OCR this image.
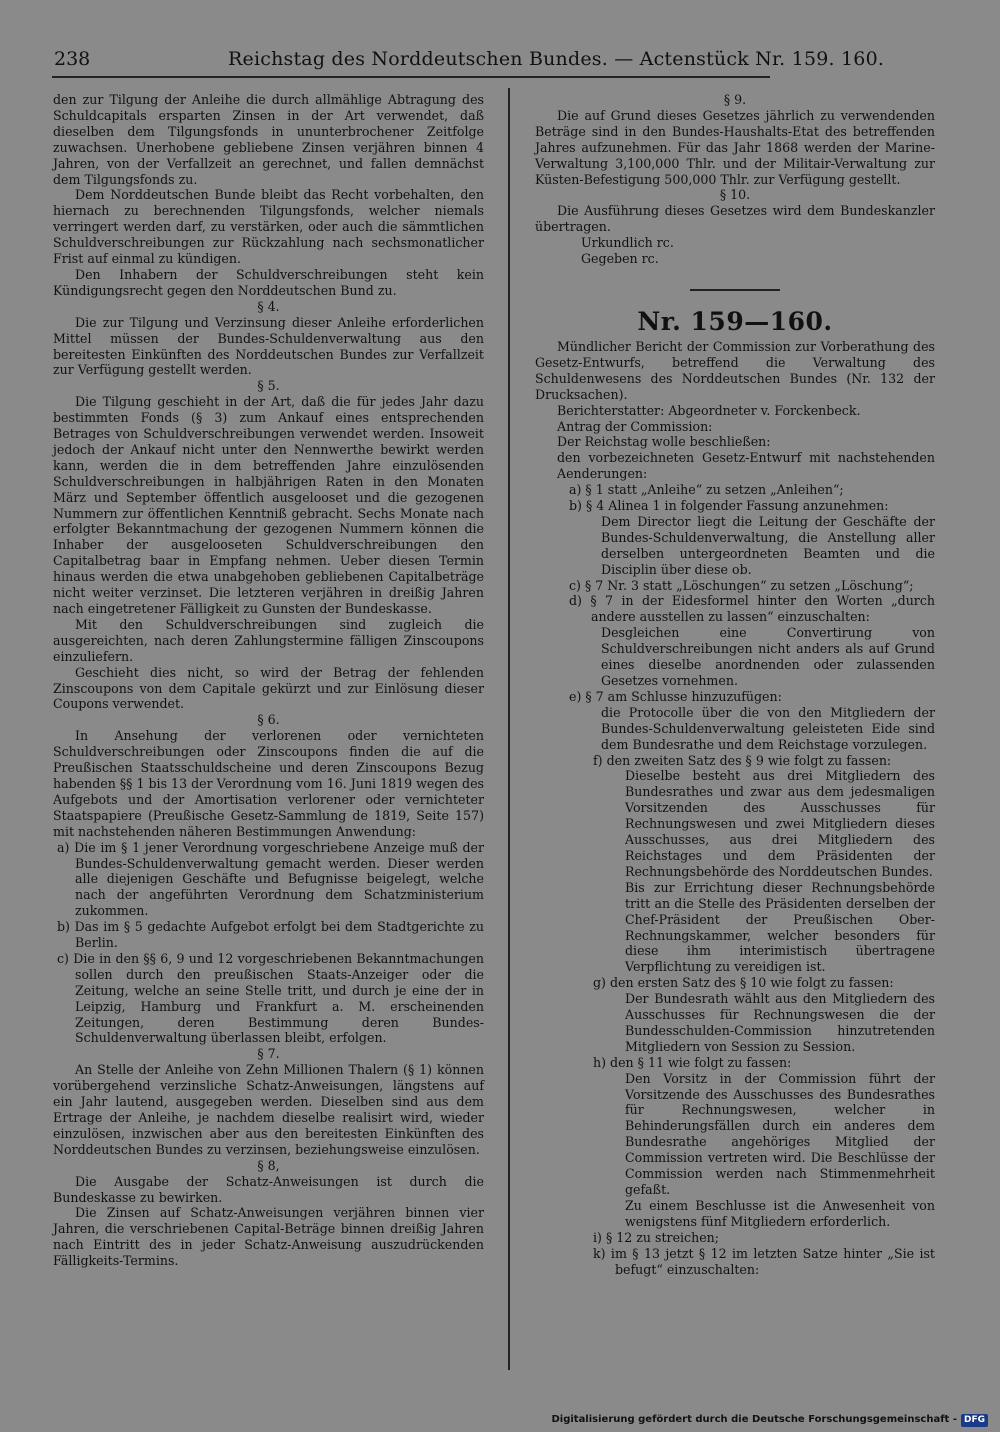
238	Reichstag des Norddeutschen Bundes. — Actenstück Nr. 159. 160.

den zur Tilgung der Anleihe die durch allmählige Abtragung des Schuldcapitals ersparten Zinsen in der Art verwendet, daß dieselben dem Tilgungsfonds in ununterbrochener Zeitfolge zuwachsen. Unerhobene gebliebene Zinsen verjähren binnen 4 Jahren, von der Verfallzeit an gerechnet, und fallen demnächst dem Tilgungsfonds zu.

Dem Norddeutschen Bunde bleibt das Recht vorbehalten, den hiernach zu berechnenden Tilgungsfonds, welcher niemals verringert werden darf, zu verstärken, oder auch die sämmtlichen Schuldverschreibungen zur Rückzahlung nach sechsmonatlicher Frist auf einmal zu kündigen.

Den Inhabern der Schuldverschreibungen steht kein Kündigungsrecht gegen den Norddeutschen Bund zu.

§ 4.

Die zur Tilgung und Verzinsung dieser Anleihe erforderlichen Mittel müssen der Bundes-Schuldenverwaltung aus den bereitesten Einkünften des Norddeutschen Bundes zur Verfallzeit zur Verfügung gestellt werden.

§ 5.

Die Tilgung geschieht in der Art, daß die für jedes Jahr dazu bestimmten Fonds (§ 3) zum Ankauf eines entsprechenden Betrages von Schuldverschreibungen verwendet werden. Insoweit jedoch der Ankauf nicht unter den Nennwerthe bewirkt werden kann, werden die in dem betreffenden Jahre einzulösenden Schuldverschreibungen in halbjährigen Raten in den Monaten März und September öffentlich ausgelooset und die gezogenen Nummern zur öffentlichen Kenntniß gebracht. Sechs Monate nach erfolgter Bekanntmachung der gezogenen Nummern können die Inhaber der ausgelooseten Schuldverschreibungen den Capitalbetrag baar in Empfang nehmen. Ueber diesen Termin hinaus werden die etwa unabgehoben gebliebenen Capitalbeträge nicht weiter verzinset. Die letzteren verjähren in dreißig Jahren nach eingetretener Fälligkeit zu Gunsten der Bundeskasse.

Mit den Schuldverschreibungen sind zugleich die ausgereichten, nach deren Zahlungstermine fälligen Zinscoupons einzuliefern.

Geschieht dies nicht, so wird der Betrag der fehlenden Zinscoupons von dem Capitale gekürzt und zur Einlösung dieser Coupons verwendet.

§ 6.

In Ansehung der verlorenen oder vernichteten Schuldverschreibungen oder Zinscoupons finden die auf die Preußischen Staatsschuldscheine und deren Zinscoupons Bezug habenden §§ 1 bis 13 der Verordnung vom 16. Juni 1819 wegen des Aufgebots und der Amortisation verlorener oder vernichteter Staatspapiere (Preußische Gesetz-Sammlung de 1819, Seite 157) mit nachstehenden näheren Bestimmungen Anwendung:

a) Die im § 1 jener Verordnung vorgeschriebene Anzeige muß der Bundes-Schuldenverwaltung gemacht werden. Dieser werden alle diejenigen Geschäfte und Befugnisse beigelegt, welche nach der angeführten Verordnung dem Schatzministerium zukommen.

b) Das im § 5 gedachte Aufgebot erfolgt bei dem Stadtgerichte zu Berlin.

c) Die in den §§ 6, 9 und 12 vorgeschriebenen Bekanntmachungen sollen durch den preußischen Staats-Anzeiger oder die Zeitung, welche an seine Stelle tritt, und durch je eine der in Leipzig, Hamburg und Frankfurt a. M. erscheinenden Zeitungen, deren Bestimmung deren Bundes-Schuldenverwaltung überlassen bleibt, erfolgen.

§ 7.

An Stelle der Anleihe von Zehn Millionen Thalern (§ 1) können vorübergehend verzinsliche Schatz-Anweisungen, längstens auf ein Jahr lautend, ausgegeben werden. Dieselben sind aus dem Ertrage der Anleihe, je nachdem dieselbe realisirt wird, wieder einzulösen, inzwischen aber aus den bereitesten Einkünften des Norddeutschen Bundes zu verzinsen, beziehungsweise einzulösen.

§ 8,

Die Ausgabe der Schatz-Anweisungen ist durch die Bundeskasse zu bewirken.

Die Zinsen auf Schatz-Anweisungen verjähren binnen vier Jahren, die verschriebenen Capital-Beträge binnen dreißig Jahren nach Eintritt des in jeder Schatz-Anweisung auszudrückenden Fälligkeits-Termins.

§ 9.

Die auf Grund dieses Gesetzes jährlich zu verwendenden Beträge sind in den Bundes-Haushalts-Etat des betreffenden Jahres aufzunehmen. Für das Jahr 1868 werden der Marine-Verwaltung 3,100,000 Thlr. und der Militair-Verwaltung zur Küsten-Befestigung 500,000 Thlr. zur Verfügung gestellt.

§ 10.

Die Ausführung dieses Gesetzes wird dem Bundeskanzler übertragen.

Urkundlich rc.

Gegeben rc.

Nr. 159—160.

Mündlicher Bericht der Commission zur Vorberathung des Gesetz-Entwurfs, betreffend die Verwaltung des Schuldenwesens des Norddeutschen Bundes (Nr. 132 der Drucksachen).

Berichterstatter: Abgeordneter v. Forckenbeck.

Antrag der Commission:

Der Reichstag wolle beschließen:

den vorbezeichneten Gesetz-Entwurf mit nachstehenden Aenderungen:

a) § 1 statt „Anleihe“ zu setzen „Anleihen“;

b) § 4 Alinea 1 in folgender Fassung anzunehmen:

Dem Director liegt die Leitung der Geschäfte der Bundes-Schuldenverwaltung, die Anstellung aller derselben untergeordneten Beamten und die Disciplin über diese ob.

c) § 7 Nr. 3 statt „Löschungen“ zu setzen „Löschung“;

d) § 7 in der Eidesformel hinter den Worten „durch andere ausstellen zu lassen“ einzuschalten:

Desgleichen eine Convertirung von Schuldverschreibungen nicht anders als auf Grund eines dieselbe anordnenden oder zulassenden Gesetzes vornehmen.

e) § 7 am Schlusse hinzuzufügen:

die Protocolle über die von den Mitgliedern der Bundes-Schuldenverwaltung geleisteten Eide sind dem Bundesrathe und dem Reichstage vorzulegen.

f) den zweiten Satz des § 9 wie folgt zu fassen:

Dieselbe besteht aus drei Mitgliedern des Bundesrathes und zwar aus dem jedesmaligen Vorsitzenden des Ausschusses für Rechnungswesen und zwei Mitgliedern dieses Ausschusses, aus drei Mitgliedern des Reichstages und dem Präsidenten der Rechnungsbehörde des Norddeutschen Bundes.

Bis zur Errichtung dieser Rechnungsbehörde tritt an die Stelle des Präsidenten derselben der Chef-Präsident der Preußischen Ober-Rechnungskammer, welcher besonders für diese ihm interimistisch übertragene Verpflichtung zu vereidigen ist.

g) den ersten Satz des § 10 wie folgt zu fassen:

Der Bundesrath wählt aus den Mitgliedern des Ausschusses für Rechnungswesen die der Bundesschulden-Commission hinzutretenden Mitgliedern von Session zu Session.

h) den § 11 wie folgt zu fassen:

Den Vorsitz in der Commission führt der Vorsitzende des Ausschusses des Bundesrathes für Rechnungswesen, welcher in Behinderungsfällen durch ein anderes dem Bundesrathe angehöriges Mitglied der Commission vertreten wird. Die Beschlüsse der Commission werden nach Stimmenmehrheit gefaßt.

Zu einem Beschlusse ist die Anwesenheit von wenigstens fünf Mitgliedern erforderlich.

i) § 12 zu streichen;

k) im § 13 jetzt § 12 im letzten Satze hinter „Sie ist befugt“ einzuschalten:

Digitalisierung gefördert durch die Deutsche Forschungsgemeinschaft - DFG
